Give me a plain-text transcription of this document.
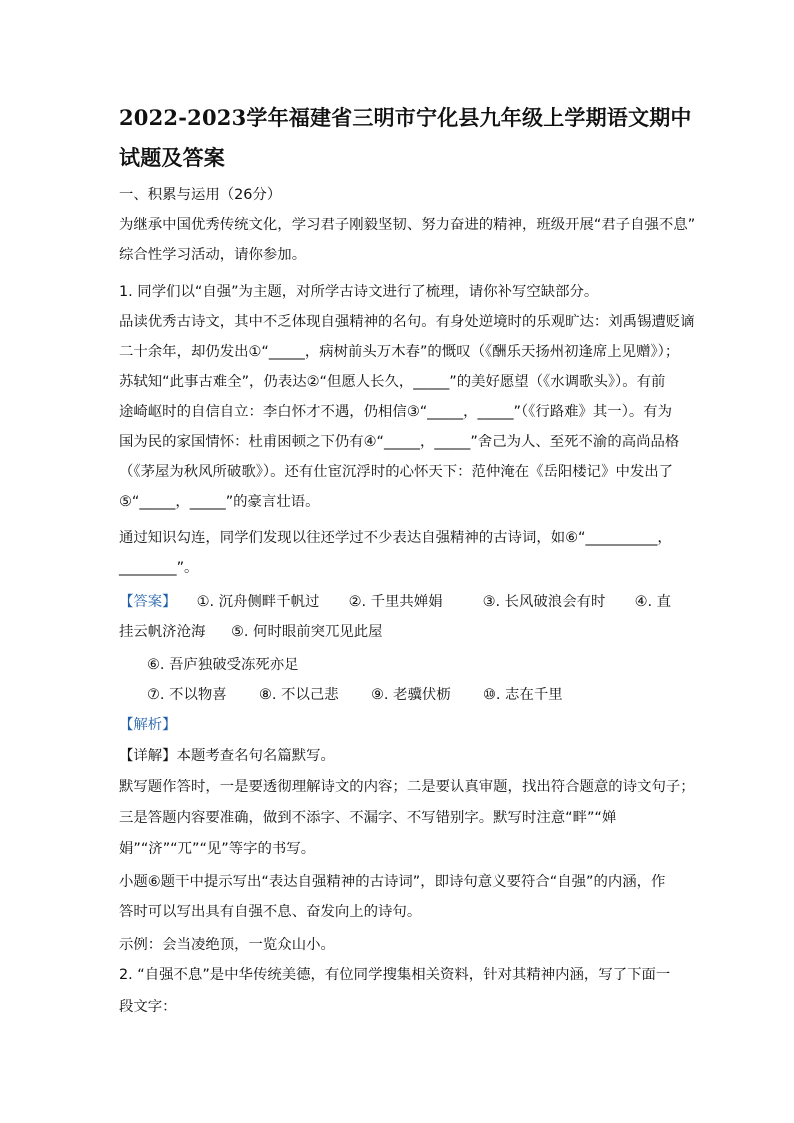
2022-2023学年福建省三明市宁化县九年级上学期语文期中
试题及答案
一、积累与运用（26分）
为继承中国优秀传统文化，学习君子刚毅坚韧、努力奋进的精神，班级开展“君子自强不息”
综合性学习活动，请你参加。
1. 同学们以“自强”为主题，对所学古诗文进行了梳理，请你补写空缺部分。
品读优秀古诗文，其中不乏体现自强精神的名句。有身处逆境时的乐观旷达：刘禹锡遭贬谪
二十余年，却仍发出①“_____，病树前头万木春”的慨叹（《酬乐天扬州初逢席上见赠》）；
苏轼知“此事古难全”，仍表达②“但愿人长久，_____”的美好愿望（《水调歌头》）。有前
途崎岖时的自信自立：李白怀才不遇，仍相信③“_____，_____”（《行路难》其一）。有为
国为民的家国情怀：杜甫困顿之下仍有④“_____，_____”舍己为人、至死不渝的高尚品格
（《茅屋为秋风所破歌》）。还有仕宦沉浮时的心怀天下：范仲淹在《岳阳楼记》中发出了
⑤“_____，_____”的豪言壮语。
通过知识勾连，同学们发现以往还学过不少表达自强精神的古诗词，如⑥“__________，
________”。
【答案】 ①. 沉舟侧畔千帆过 ②. 千里共婵娟	③. 长风破浪会有时 ④. 直
挂云帆济沧海 ⑤. 何时眼前突兀见此屋
⑥. 吾庐独破受冻死亦足
⑦. 不以物喜 ⑧. 不以己悲 ⑨. 老骥伏枥 ⑩. 志在千里
【解析】
【详解】本题考查名句名篇默写。
默写题作答时，一是要透彻理解诗文的内容；二是要认真审题，找出符合题意的诗文句子；
三是答题内容要准确，做到不添字、不漏字、不写错别字。默写时注意“畔”“婵
娟”“济”“兀”“见”等字的书写。
小题⑥题干中提示写出“表达自强精神的古诗词”，即诗句意义要符合“自强”的内涵，作
答时可以写出具有自强不息、奋发向上的诗句。
示例：会当凌绝顶，一览众山小。
2. “自强不息”是中华传统美德，有位同学搜集相关资料，针对其精神内涵，写了下面一
段文字：
